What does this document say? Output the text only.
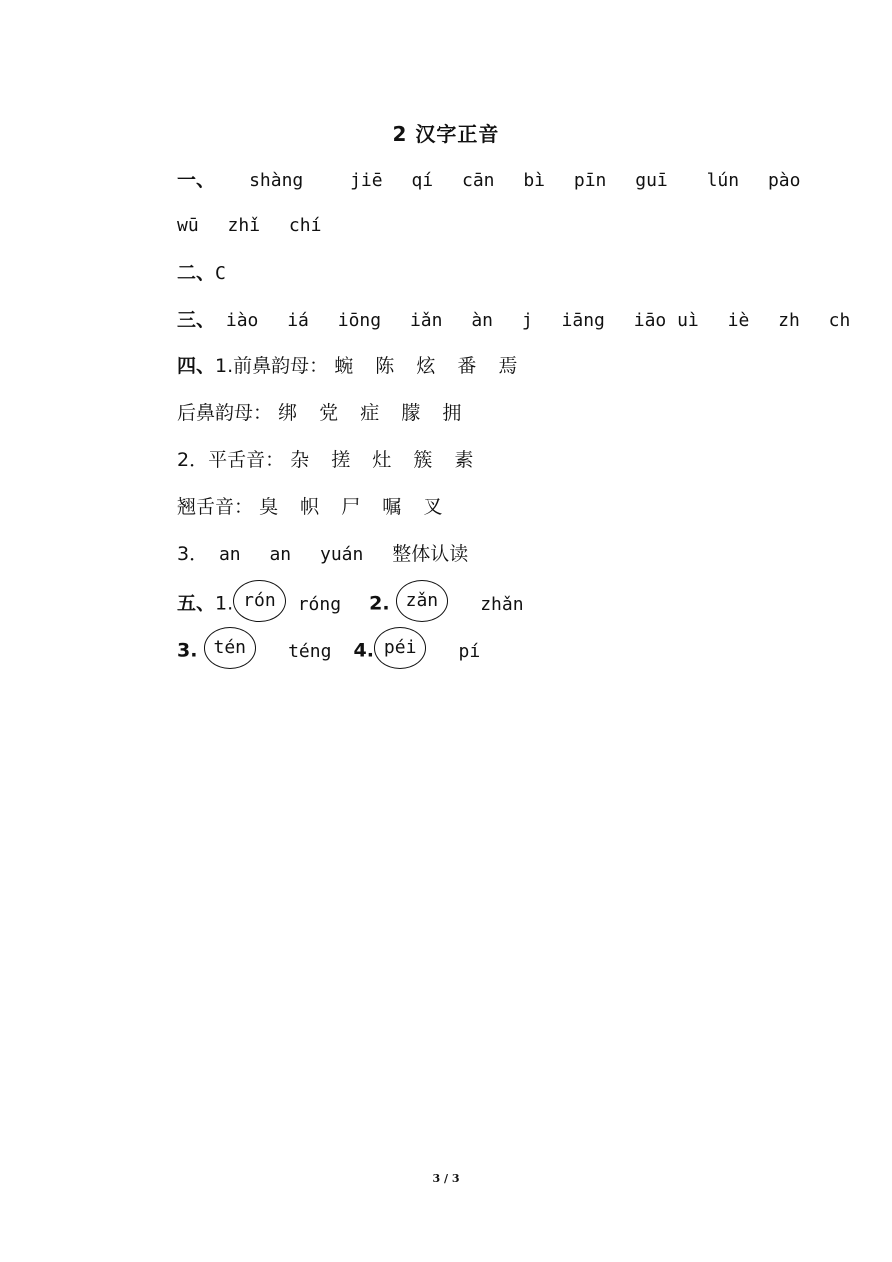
2 汉字正音
一、 shàng	jiē qí cān bì pīn guī lún pào
wū zhǐ chí
二、C
三、 iào iá iōng iǎn àn j iāng iāo uì iè zh ch
四、1.前鼻韵母： 蜿 陈 炫 番 焉
后鼻韵母： 绑 党 症 朦 拥
2．平舌音： 杂 搓 灶 簇 素
翘舌音： 臭 帜 尸 嘱 叉
3． an an yuán 整体认读
五、1. rón róng 2. zǎn zhǎn
3. tén téng 4. péi pí
3 / 3
